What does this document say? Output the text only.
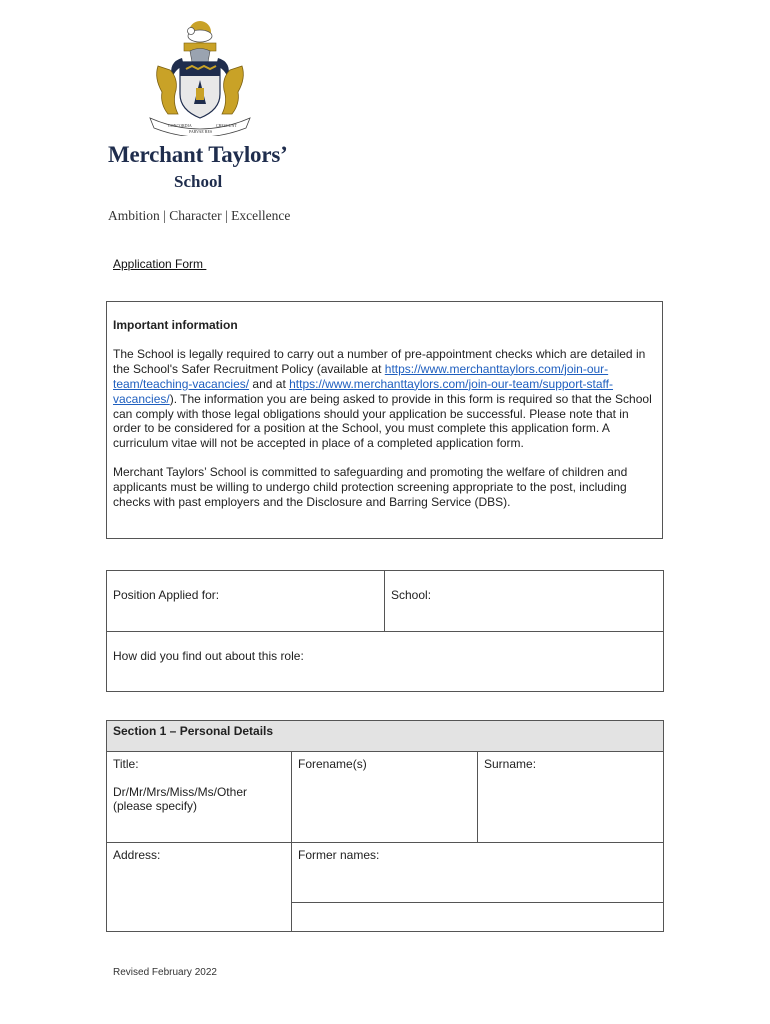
CONCORDIA
PARVAE RES
CRESCUNT
Merchant Taylors’
School
Ambition | Character | Excellence
Application Form
Important information

The School is legally required to carry out a number of pre-appointment checks which are detailed in the School's Safer Recruitment Policy (available at https://www.merchanttaylors.com/join-our-team/teaching-vacancies/ and at https://www.merchanttaylors.com/join-our-team/support-staff-vacancies/). The information you are being asked to provide in this form is required so that the School can comply with those legal obligations should your application be successful. Please note that in order to be considered for a position at the School, you must complete this application form. A curriculum vitae will not be accepted in place of a completed application form.

Merchant Taylors’ School is committed to safeguarding and promoting the welfare of children and applicants must be willing to undergo child protection screening appropriate to the post, including checks with past employers and the Disclosure and Barring Service (DBS).

Position Applied for:	School:
How did you find out about this role:
Section 1 – Personal Details		
Title:
Dr/Mr/Mrs/Miss/Ms/Other
(please specify)	Forename(s)	Surname:
Address:	Former names:	

Revised February 2022
